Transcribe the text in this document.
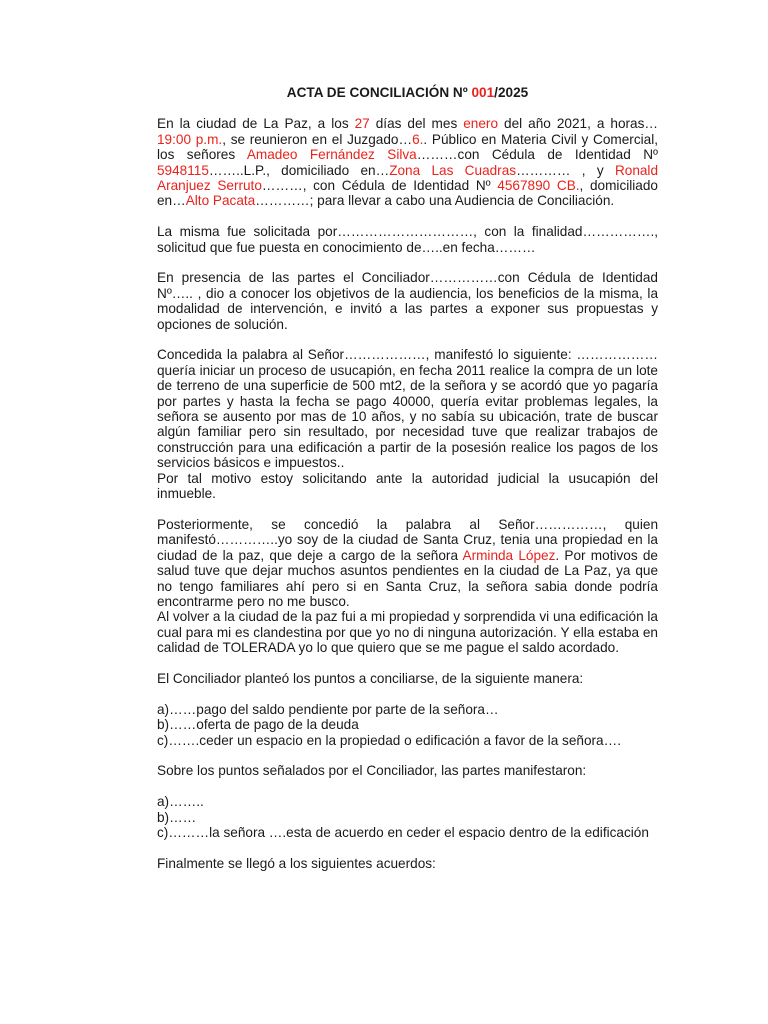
ACTA DE CONCILIACIÓN Nº 001/2025

En la ciudad de La Paz, a los 27 días del mes enero del año 2021, a horas… 19:00 p.m., se reunieron en el Juzgado…6.. Público en Materia Civil y Comercial, los señores Amadeo Fernández Silva………con Cédula de Identidad Nº 5948115……..L.P., domiciliado en…Zona Las Cuadras………… , y Ronald Aranjuez Serruto………, con Cédula de Identidad Nº 4567890 CB., domiciliado en…Alto Pacata…………; para llevar a cabo una Audiencia de Conciliación.

La misma fue solicitada por…………………………, con la finalidad……………., solicitud que fue puesta en conocimiento de…..en fecha………

En presencia de las partes el Conciliador……………con Cédula de Identidad Nº….. , dio a conocer los objetivos de la audiencia, los beneficios de la misma, la modalidad de intervención, e invitó a las partes a exponer sus propuestas y opciones de solución.

Concedida la palabra al Señor………………, manifestó lo siguiente: ………………quería iniciar un proceso de usucapión, en fecha 2011 realice la compra de un lote de terreno de una superficie de 500 mt2, de la señora y se acordó que yo pagaría por partes y hasta la fecha se pago 40000, quería evitar problemas legales, la señora se ausento por mas de 10 años, y no sabía su ubicación, trate de buscar algún familiar pero sin resultado, por necesidad tuve que realizar trabajos de construcción para una edificación a partir de la posesión realice los pagos de los servicios básicos e impuestos..

Por tal motivo estoy solicitando ante la autoridad judicial la usucapión del inmueble.

Posteriormente, se concedió la palabra al Señor……………, quien manifestó…………..yo soy de la ciudad de Santa Cruz, tenia una propiedad en la ciudad de la paz, que deje a cargo de la señora Arminda López. Por motivos de salud tuve que dejar muchos asuntos pendientes en la ciudad de La Paz, ya que no tengo familiares ahí pero si en Santa Cruz, la señora sabia donde podría encontrarme pero no me busco.

Al volver a la ciudad de la paz fui a mi propiedad y sorprendida vi una edificación la cual para mi es clandestina por que yo no di ninguna autorización. Y ella estaba en calidad de TOLERADA yo lo que quiero que se me pague el saldo acordado.

El Conciliador planteó los puntos a conciliarse, de la siguiente manera:

a)……pago del saldo pendiente por parte de la señora…

b)……oferta de pago de la deuda

c)…….ceder un espacio en la propiedad o edificación a favor de la señora….

Sobre los puntos señalados por el Conciliador, las partes manifestaron:

a)……..

b)……

c)………la señora ….esta de acuerdo en ceder el espacio dentro de la edificación

Finalmente se llegó a los siguientes acuerdos:
